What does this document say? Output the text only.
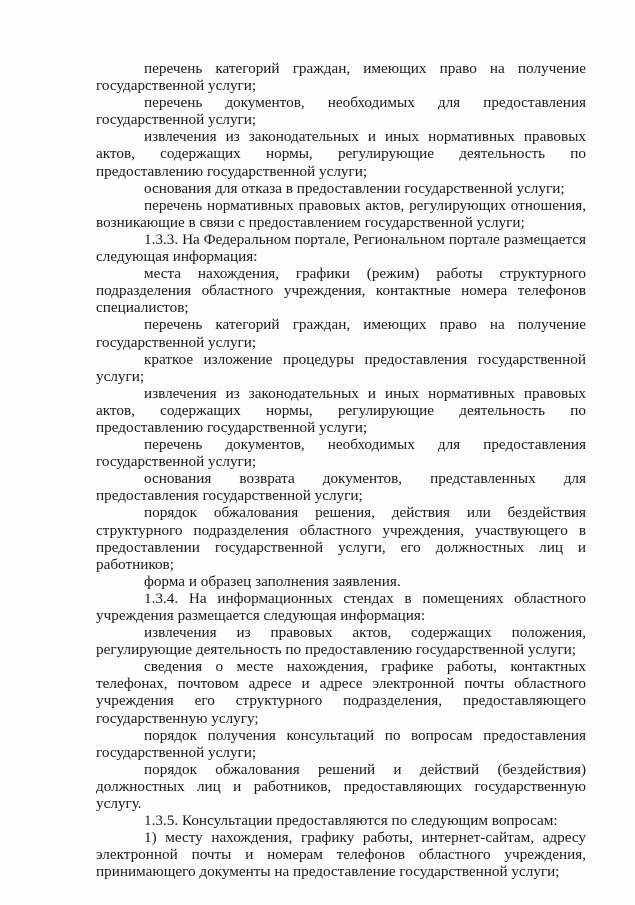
перечень категорий граждан, имеющих право на получение государственной услуги;

перечень документов, необходимых для предоставления государственной услуги;

извлечения из законодательных и иных нормативных правовых актов, содержащих нормы, регулирующие деятельность по предоставлению государственной услуги;

основания для отказа в предоставлении государственной услуги;

перечень нормативных правовых актов, регулирующих отношения, возникающие в связи с предоставлением государственной услуги;

1.3.3. На Федеральном портале, Региональном портале размещается следующая информация:

места нахождения, графики (режим) работы структурного подразделения областного учреждения, контактные номера телефонов специалистов;

перечень категорий граждан, имеющих право на получение государственной услуги;

краткое изложение процедуры предоставления государственной услуги;

извлечения из законодательных и иных нормативных правовых актов, содержащих нормы, регулирующие деятельность по предоставлению государственной услуги;

перечень документов, необходимых для предоставления государственной услуги;

основания возврата документов, представленных для предоставления государственной услуги;

порядок обжалования решения, действия или бездействия структурного подразделения областного учреждения, участвующего в предоставлении государственной услуги, его должностных лиц и работников;

форма и образец заполнения заявления.

1.3.4. На информационных стендах в помещениях областного учреждения размещается следующая информация:

извлечения из правовых актов, содержащих положения, регулирующие деятельность по предоставлению государственной услуги;

сведения о месте нахождения, графике работы, контактных телефонах, почтовом адресе и адресе электронной почты областного учреждения его структурного подразделения, предоставляющего государственную услугу;

порядок получения консультаций по вопросам предоставления государственной услуги;

порядок обжалования решений и действий (бездействия) должностных лиц и работников, предоставляющих государственную услугу.

1.3.5. Консультации предоставляются по следующим вопросам:

1) месту нахождения, графику работы, интернет-сайтам, адресу электронной почты и номерам телефонов областного учреждения, принимающего документы на предоставление государственной услуги;
